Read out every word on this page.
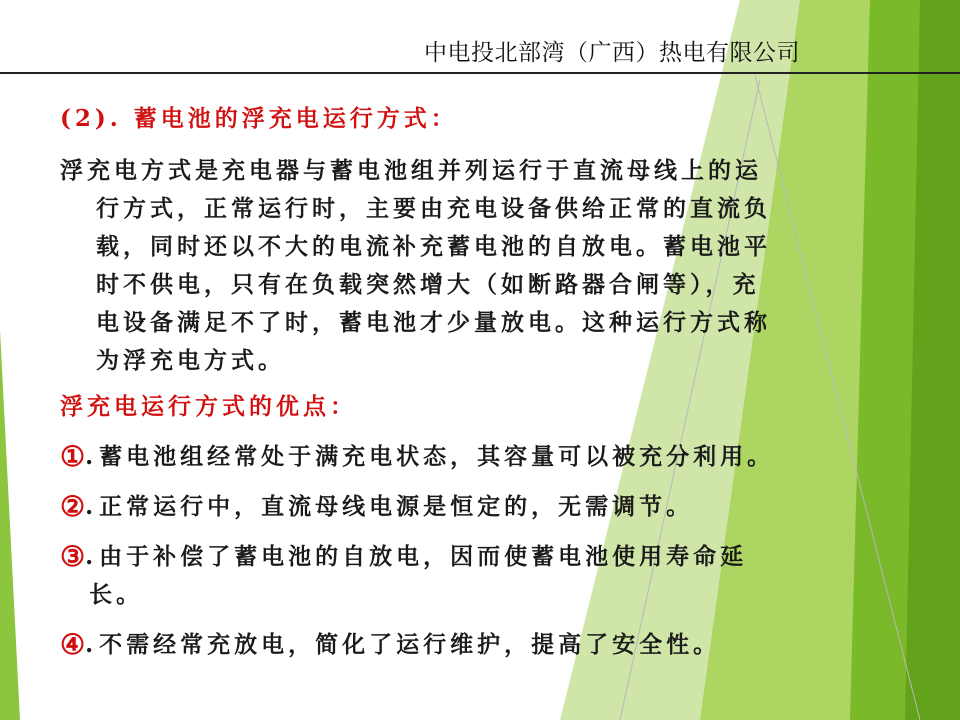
中电投北部湾（广西）热电有限公司
(2). 蓄电池的浮充电运行方式：
浮充电方式是充电器与蓄电池组并列运行于直流母线上的运
行方式，正常运行时，主要由充电设备供给正常的直流负
载，同时还以不大的电流补充蓄电池的自放电。蓄电池平
时不供电，只有在负载突然增大（如断路器合闸等），充
电设备满足不了时，蓄电池才少量放电。这种运行方式称
为浮充电方式。
浮充电运行方式的优点：
① . 蓄电池组经常处于满充电状态，其容量可以被充分利用。
② . 正常运行中，直流母线电源是恒定的，无需调节。
③ . 由于补偿了蓄电池的自放电，因而使蓄电池使用寿命延
长。
④ . 不需经常充放电，简化了运行维护，提高了安全性。
